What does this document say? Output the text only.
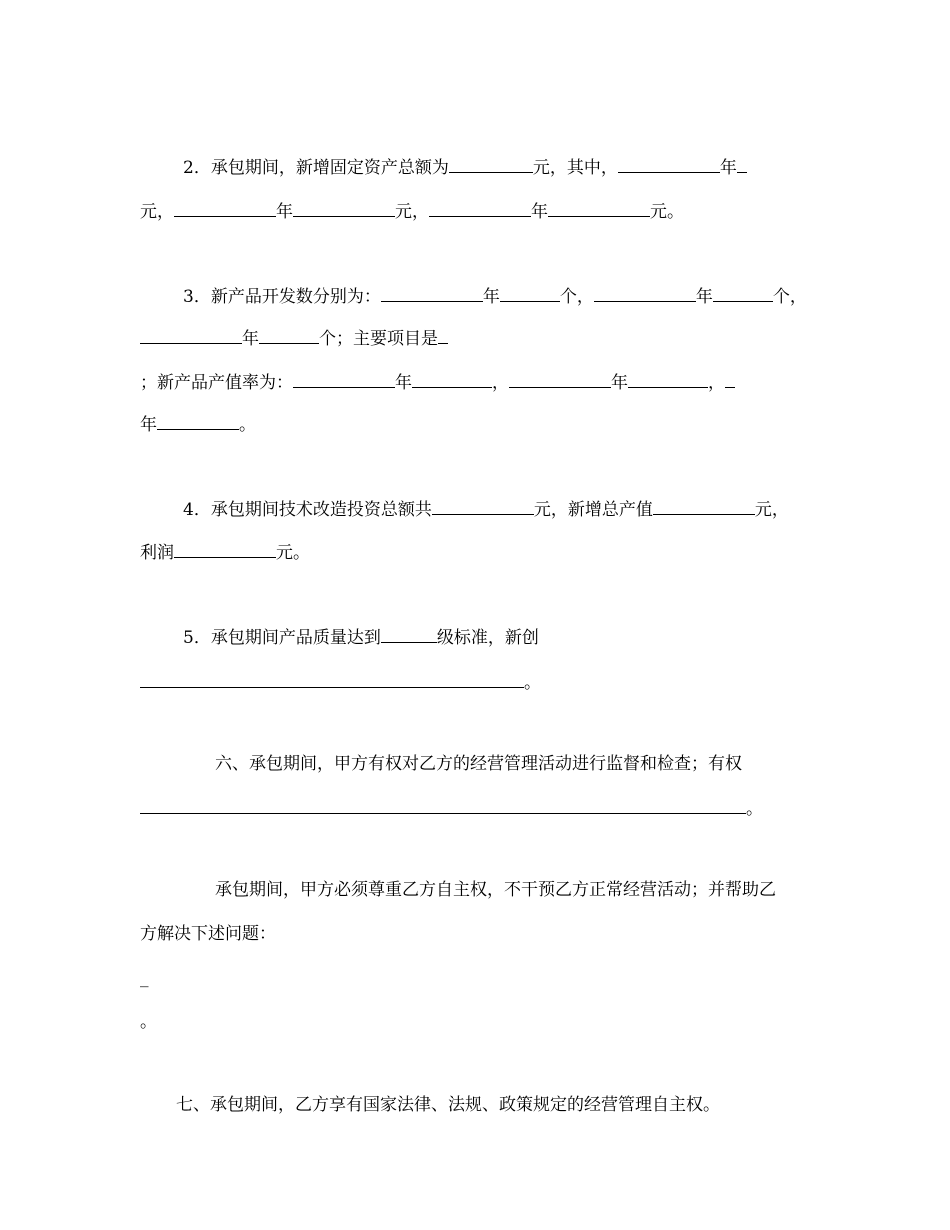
2．承包期间，新增固定资产总额为	元，其中，	年
元，	年	元，	年	元。
3．新产品开发数分别为：	年	个，	年	个，
年	个；主要项目是
；新产品产值率为：	年	，	年	，
年	。
4．承包期间技术改造投资总额共	元，新增总产值	元，
利润	元。
5．承包期间产品质量达到	级标准，新创
。
六、承包期间，甲方有权对乙方的经营管理活动进行监督和检查；有权
。
承包期间，甲方必须尊重乙方自主权，不干预乙方正常经营活动；并帮助乙
方解决下述问题：
_
。
七、承包期间，乙方享有国家法律、法规、政策规定的经营管理自主权。
